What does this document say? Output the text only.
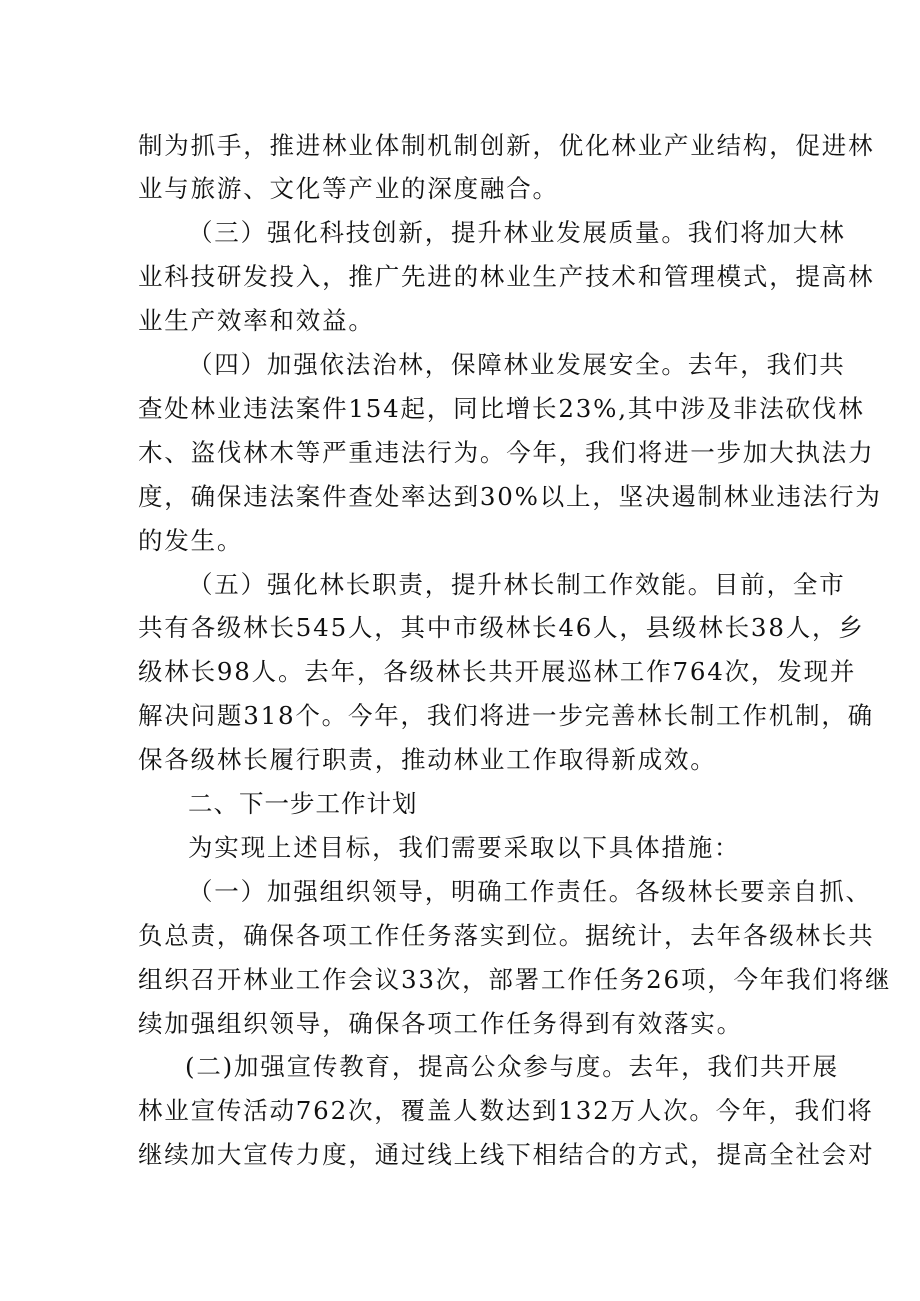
制为抓手，推进林业体制机制创新，优化林业产业结构，促进林
业与旅游、文化等产业的深度融合。
（三）强化科技创新，提升林业发展质量。我们将加大林
业科技研发投入，推广先进的林业生产技术和管理模式，提高林
业生产效率和效益。
（四）加强依法治林，保障林业发展安全。去年，我们共
查处林业违法案件154起，同比增长23%,其中涉及非法砍伐林
木、盗伐林木等严重违法行为。今年，我们将进一步加大执法力
度，确保违法案件查处率达到30%以上，坚决遏制林业违法行为
的发生。
（五）强化林长职责，提升林长制工作效能。目前，全市
共有各级林长545人，其中市级林长46人，县级林长38人，乡
级林长98人。去年，各级林长共开展巡林工作764次，发现并
解决问题318个。今年，我们将进一步完善林长制工作机制，确
保各级林长履行职责，推动林业工作取得新成效。
二、下一步工作计划
为实现上述目标，我们需要采取以下具体措施：
（一）加强组织领导，明确工作责任。各级林长要亲自抓、
负总责，确保各项工作任务落实到位。据统计，去年各级林长共
组织召开林业工作会议33次，部署工作任务26项，今年我们将继
续加强组织领导，确保各项工作任务得到有效落实。
(二)加强宣传教育，提高公众参与度。去年，我们共开展
林业宣传活动762次，覆盖人数达到132万人次。今年，我们将
继续加大宣传力度，通过线上线下相结合的方式，提高全社会对
